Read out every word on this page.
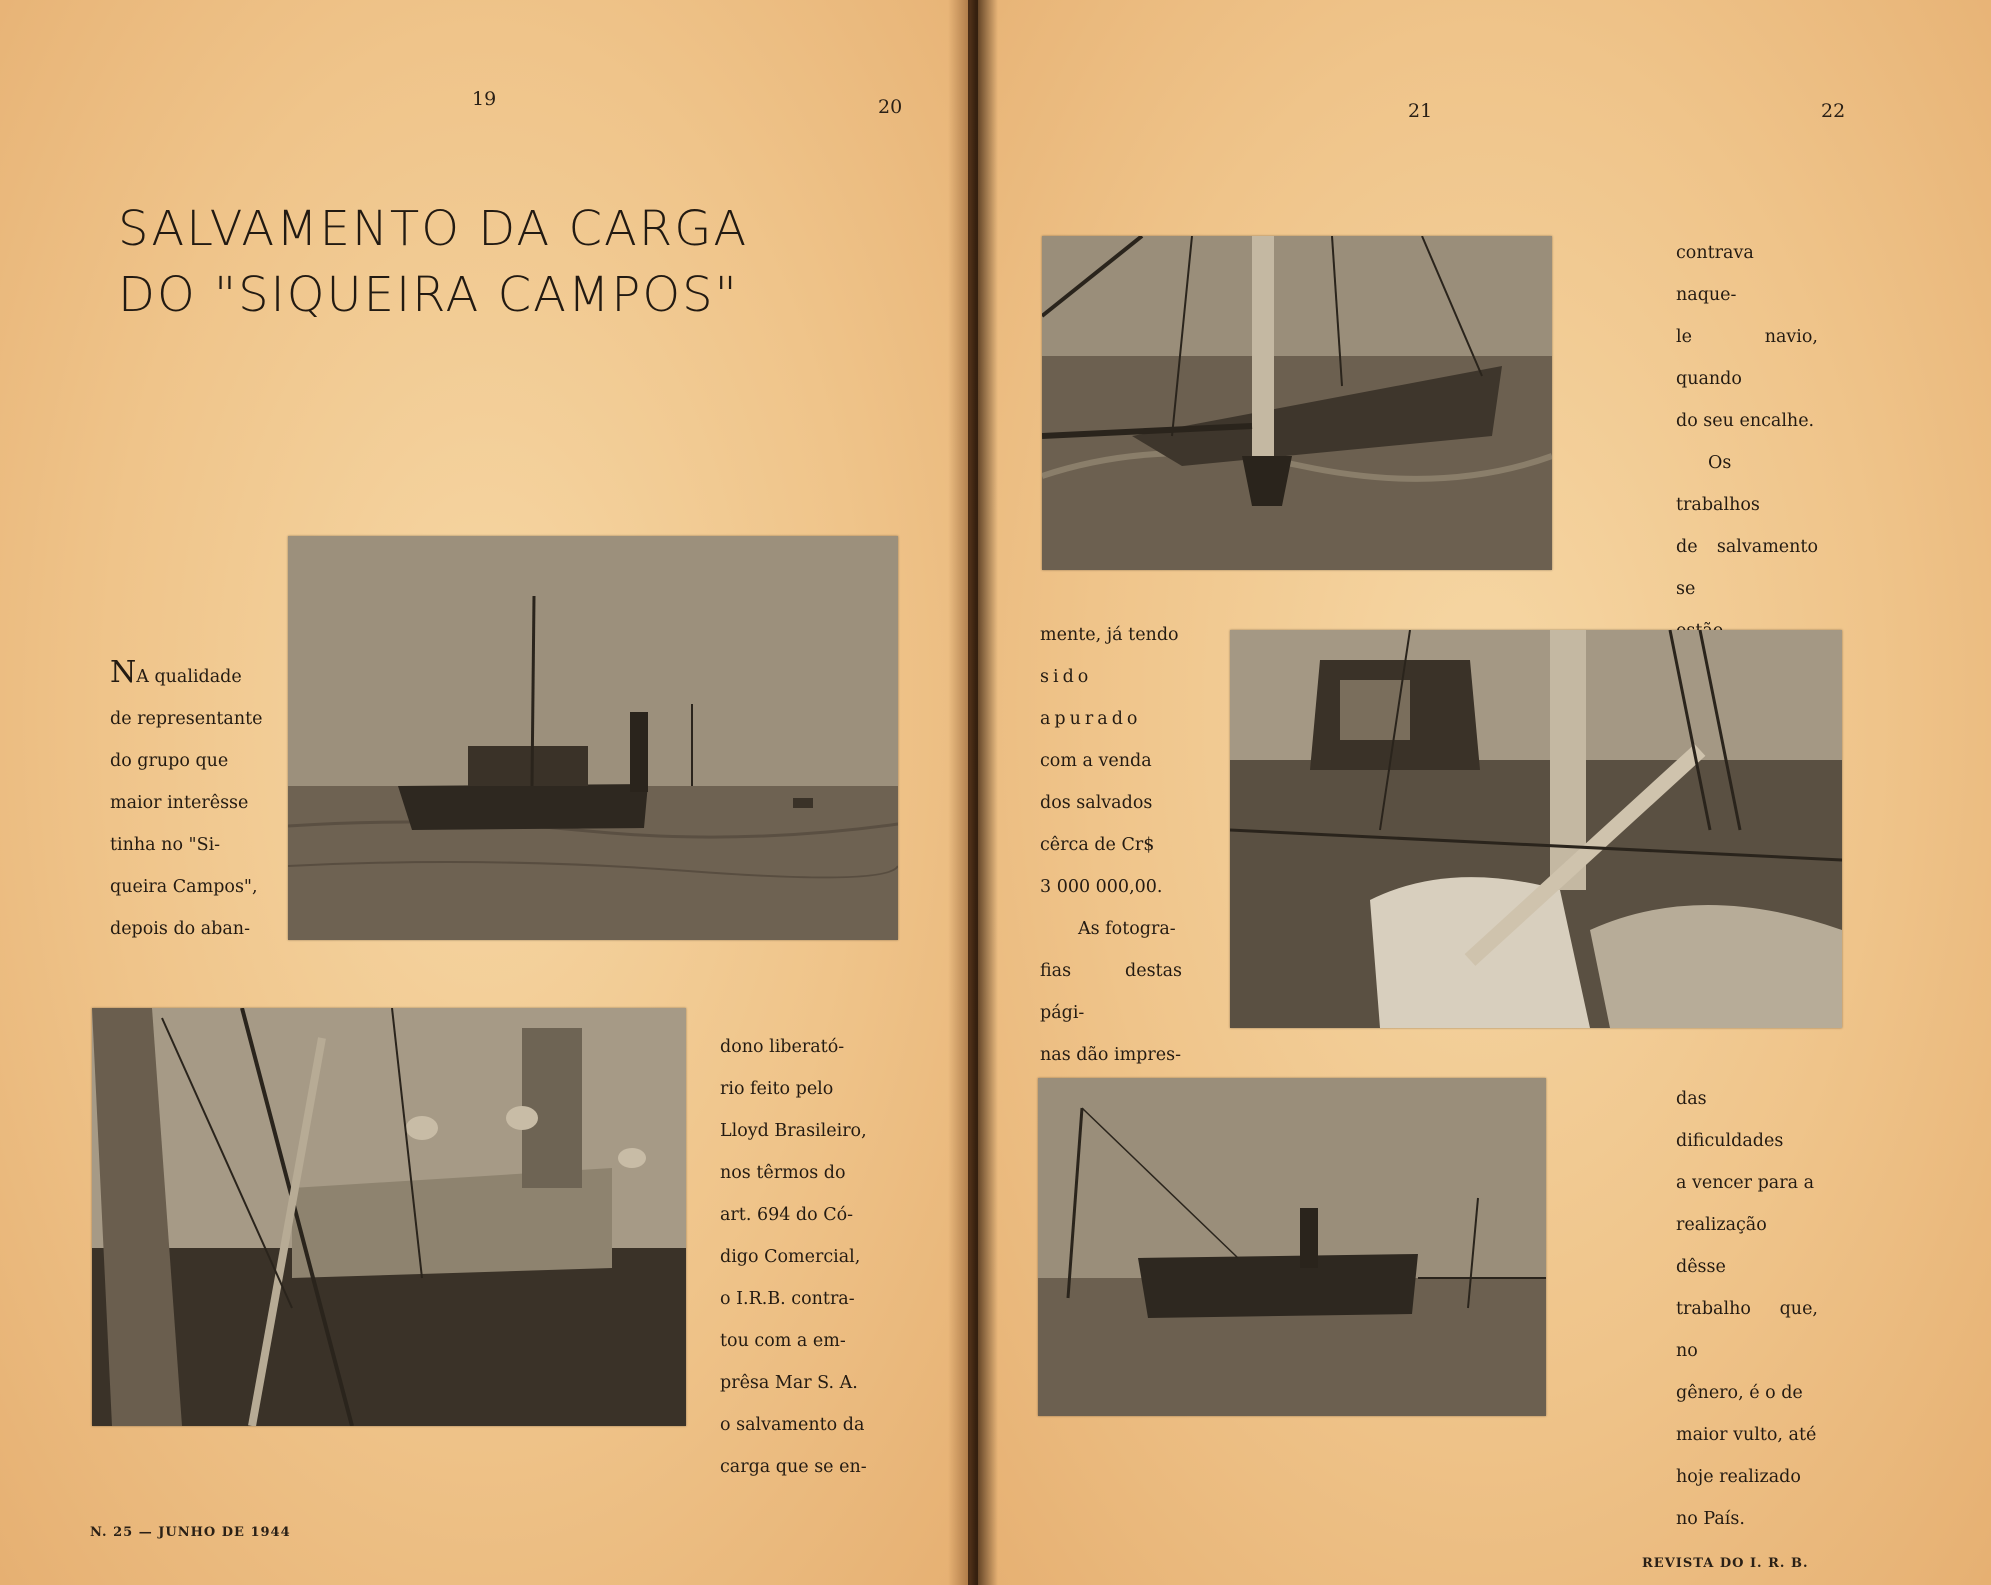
19	20
SALVAMENTO DA CARGA
DO "SIQUEIRA CAMPOS"

NA qualidade

de representante

do grupo que

maior interêsse

tinha no "Si-

queira Campos",

depois do aban-

dono liberató-

rio feito pelo

Lloyd Brasileiro,

nos têrmos do

art. 694 do Có-

digo Comercial,

o I.R.B. contra-

tou com a em-

prêsa Mar S. A.

o salvamento da

carga que se en-

N. 25 — JUNHO DE 1944
21	22

contrava naque-

le navio, quando

do seu encalhe.

Os trabalhos

de salvamento se

mente, já tendo

sido apurado

com a venda

dos salvados

cêrca de Cr$

3 000 000,00.

As fotogra-

fias destas pági-

nas dão impres-

das dificuldades

a vencer para a

realização dêsse

trabalho que, no

gênero, é o de

maior vulto, até

hoje realizado

no País.

REVISTA DO I. R. B.
